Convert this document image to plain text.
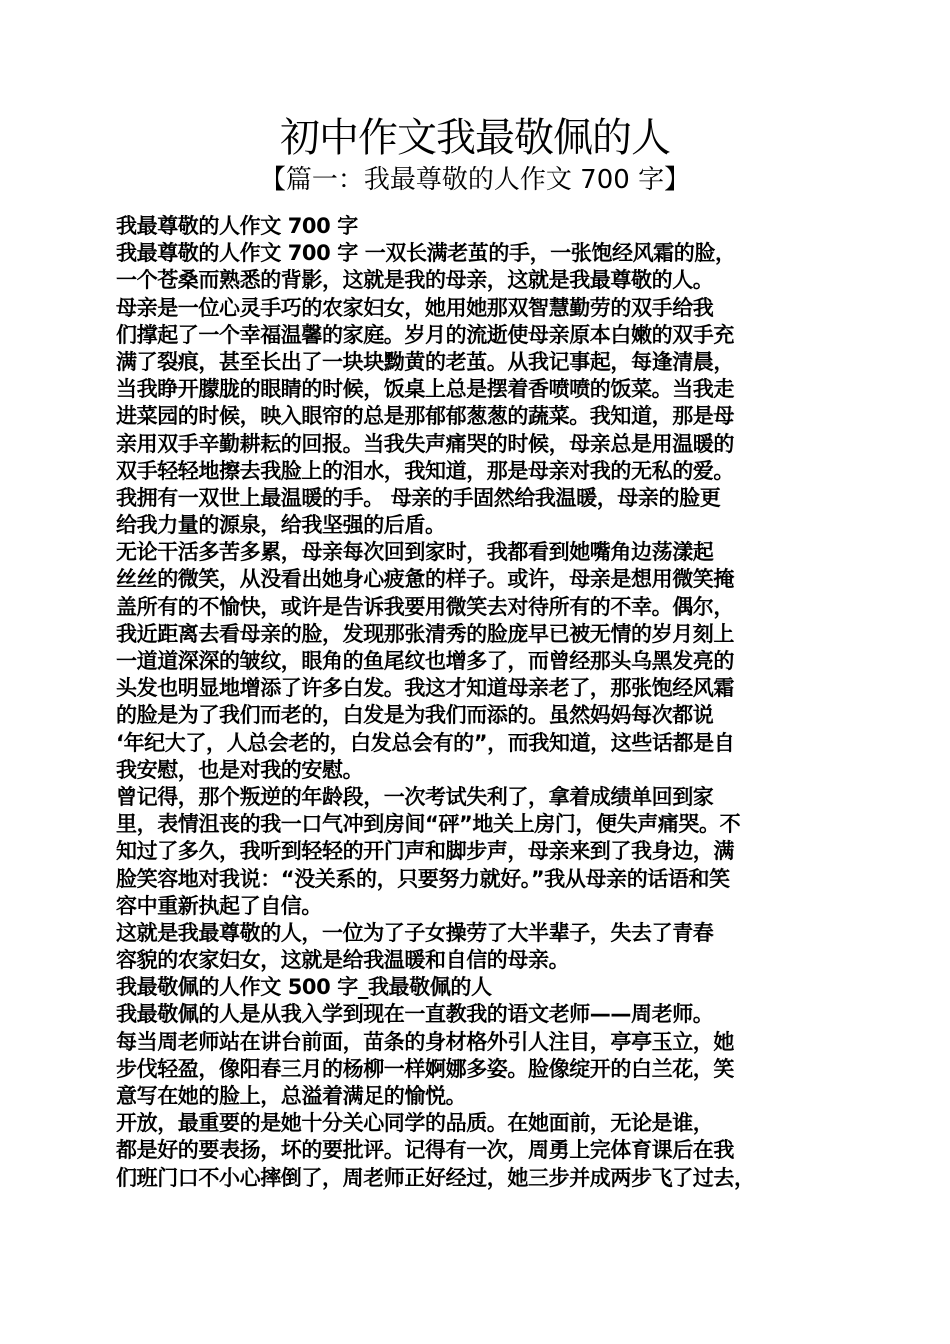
初中作文我最敬佩的人
【篇一：我最尊敬的人作文 700 字】
我最尊敬的人作文 700 字
我最尊敬的人作文 700 字 一双长满老茧的手，一张饱经风霜的脸，
一个苍桑而熟悉的背影，这就是我的母亲，这就是我最尊敬的人。
母亲是一位心灵手巧的农家妇女，她用她那双智慧勤劳的双手给我
们撑起了一个幸福温馨的家庭。岁月的流逝使母亲原本白嫩的双手充
满了裂痕，甚至长出了一块块黝黄的老茧。从我记事起，每逢清晨，
当我睁开朦胧的眼睛的时候，饭桌上总是摆着香喷喷的饭菜。当我走
进菜园的时候，映入眼帘的总是那郁郁葱葱的蔬菜。我知道，那是母
亲用双手辛勤耕耘的回报。当我失声痛哭的时候，母亲总是用温暖的
双手轻轻地擦去我脸上的泪水，我知道，那是母亲对我的无私的爱。
我拥有一双世上最温暖的手。 母亲的手固然给我温暖，母亲的脸更
给我力量的源泉，给我坚强的后盾。
无论干活多苦多累，母亲每次回到家时，我都看到她嘴角边荡漾起
丝丝的微笑，从没看出她身心疲惫的样子。或许，母亲是想用微笑掩
盖所有的不愉快，或许是告诉我要用微笑去对待所有的不幸。偶尔，
我近距离去看母亲的脸，发现那张清秀的脸庞早已被无情的岁月刻上
一道道深深的皱纹，眼角的鱼尾纹也增多了，而曾经那头乌黑发亮的
头发也明显地增添了许多白发。我这才知道母亲老了，那张饱经风霜
的脸是为了我们而老的，白发是为我们而添的。虽然妈妈每次都说
‘年纪大了，人总会老的，白发总会有的”，而我知道，这些话都是自
我安慰，也是对我的安慰。
曾记得，那个叛逆的年龄段，一次考试失利了，拿着成绩单回到家
里，表情沮丧的我一口气冲到房间“砰”地关上房门，便失声痛哭。不
知过了多久，我听到轻轻的开门声和脚步声，母亲来到了我身边，满
脸笑容地对我说：“没关系的，只要努力就好。”我从母亲的话语和笑
容中重新执起了自信。
这就是我最尊敬的人，一位为了子女操劳了大半辈子，失去了青春
容貌的农家妇女，这就是给我温暖和自信的母亲。
我最敬佩的人作文 500 字_我最敬佩的人
我最敬佩的人是从我入学到现在一直教我的语文老师——周老师。
每当周老师站在讲台前面，苗条的身材格外引人注目，亭亭玉立，她
步伐轻盈，像阳春三月的杨柳一样婀娜多姿。脸像绽开的白兰花，笑
意写在她的脸上，总溢着满足的愉悦。
开放，最重要的是她十分关心同学的品质。在她面前，无论是谁，
都是好的要表扬，坏的要批评。记得有一次，周勇上完体育课后在我
们班门口不小心摔倒了，周老师正好经过，她三步并成两步飞了过去，
